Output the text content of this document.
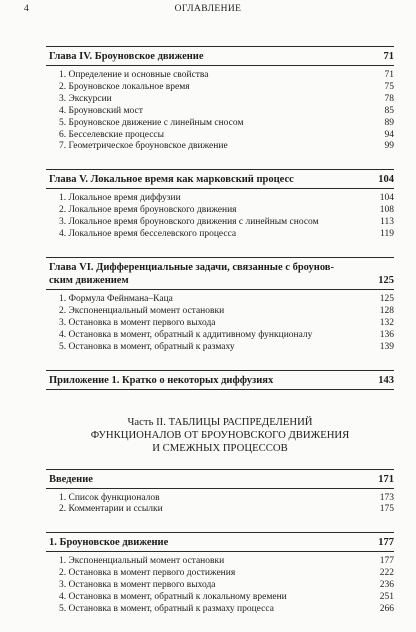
4	ОГЛАВЛЕНИЕ
Глава IV. Броуновское движение	71
1. Определение и основные свойства	71
2. Броуновское локальное время	75
3. Экскурсии	78
4. Броуновский мост	85
5. Броуновское движение с линейным сносом	89
6. Бесселевские процессы	94
7. Геометрическое броуновское движение	99
Глава V. Локальное время как марковский процесс	104
1. Локальное время диффузии	104
2. Локальное время броуновского движения	108
3. Локальное время броуновского движения с линейным сносом	113
4. Локальное время бесселевского процесса	119
Глава VI. Дифференциальные задачи, связанные с броунов-
ским движением	125
1. Формула Фейнмана–Каца	125
2. Экспоненциальный момент остановки	128
3. Остановка в момент первого выхода	132
4. Остановка в момент, обратный к аддитивному функционалу	136
5. Остановка в момент, обратный к размаху	139
Приложение 1. Кратко о некоторых диффузиях	143
Часть II. ТАБЛИЦЫ РАСПРЕДЕЛЕНИЙ
ФУНКЦИОНАЛОВ ОТ БРОУНОВСКОГО ДВИЖЕНИЯ
И СМЕЖНЫХ ПРОЦЕССОВ
Введение	171
1. Список функционалов	173
2. Комментарии и ссылки	175
1. Броуновское движение	177
1. Экспоненциальный момент остановки	177
2. Остановка в момент первого достижения	222
3. Остановка в момент первого выхода	236
4. Остановка в момент, обратный к локальному времени	251
5. Остановка в момент, обратный к размаху процесса	266
